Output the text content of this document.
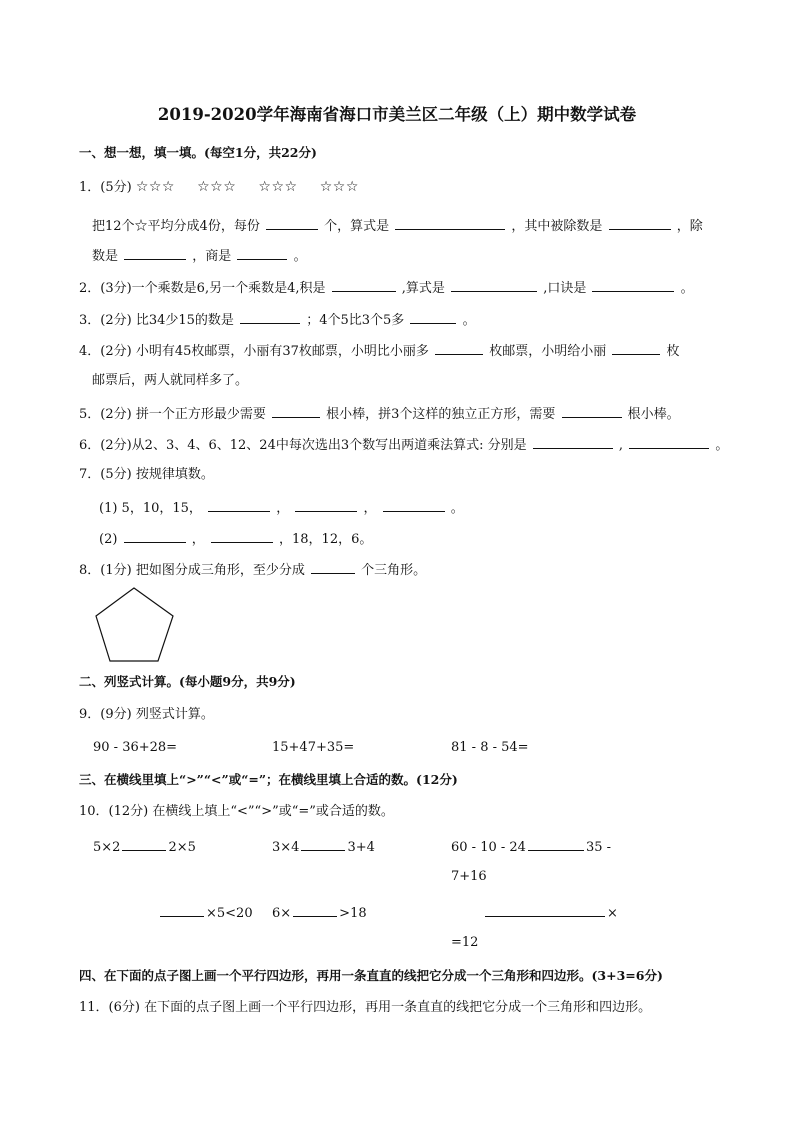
2019-2020学年海南省海口市美兰区二年级（上）期中数学试卷
一、想一想，填一填。(每空1分，共22分)
1．(5分) ☆☆☆ ☆☆☆ ☆☆☆ ☆☆☆
把12个☆平均分成4份，每份	个，算式是	，其中被除数是	，除
数是	，商是	。
2．(3分)一个乘数是6,另一个乘数是4,积是	,算式是	,口诀是	。
3．(2分) 比34少15的数是	；4个5比3个5多	。
4．(2分) 小明有45枚邮票，小丽有37枚邮票，小明比小丽多	枚邮票，小明给小丽	枚
邮票后，两人就同样多了。
5．(2分) 拼一个正方形最少需要	根小棒，拼3个这样的独立正方形，需要	根小棒。
6．(2分)从2、3、4、6、12、24中每次选出3个数写出两道乘法算式: 分别是	,	。
7．(5分) 按规律填数。
(1) 5，10，15，	，	，	。
(2)	，	，18，12，6。
8．(1分) 把如图分成三角形，至少分成	个三角形。
二、列竖式计算。(每小题9分，共9分)
9．(9分) 列竖式计算。
90 - 36+28=	15+47+35=	81 - 8 - 54=
三、在横线里填上“>”“<”或“=”；在横线里填上合适的数。(12分)
10．(12分) 在横线上填上“<”“>”或“=”或合适的数。
5×2	2×5	3×4	3+4	60 - 10 - 24	35 -
7+16
×5<20 6×	>18	×
=12
四、在下面的点子图上画一个平行四边形，再用一条直直的线把它分成一个三角形和四边形。(3+3=6分)
11．(6分) 在下面的点子图上画一个平行四边形，再用一条直直的线把它分成一个三角形和四边形。
